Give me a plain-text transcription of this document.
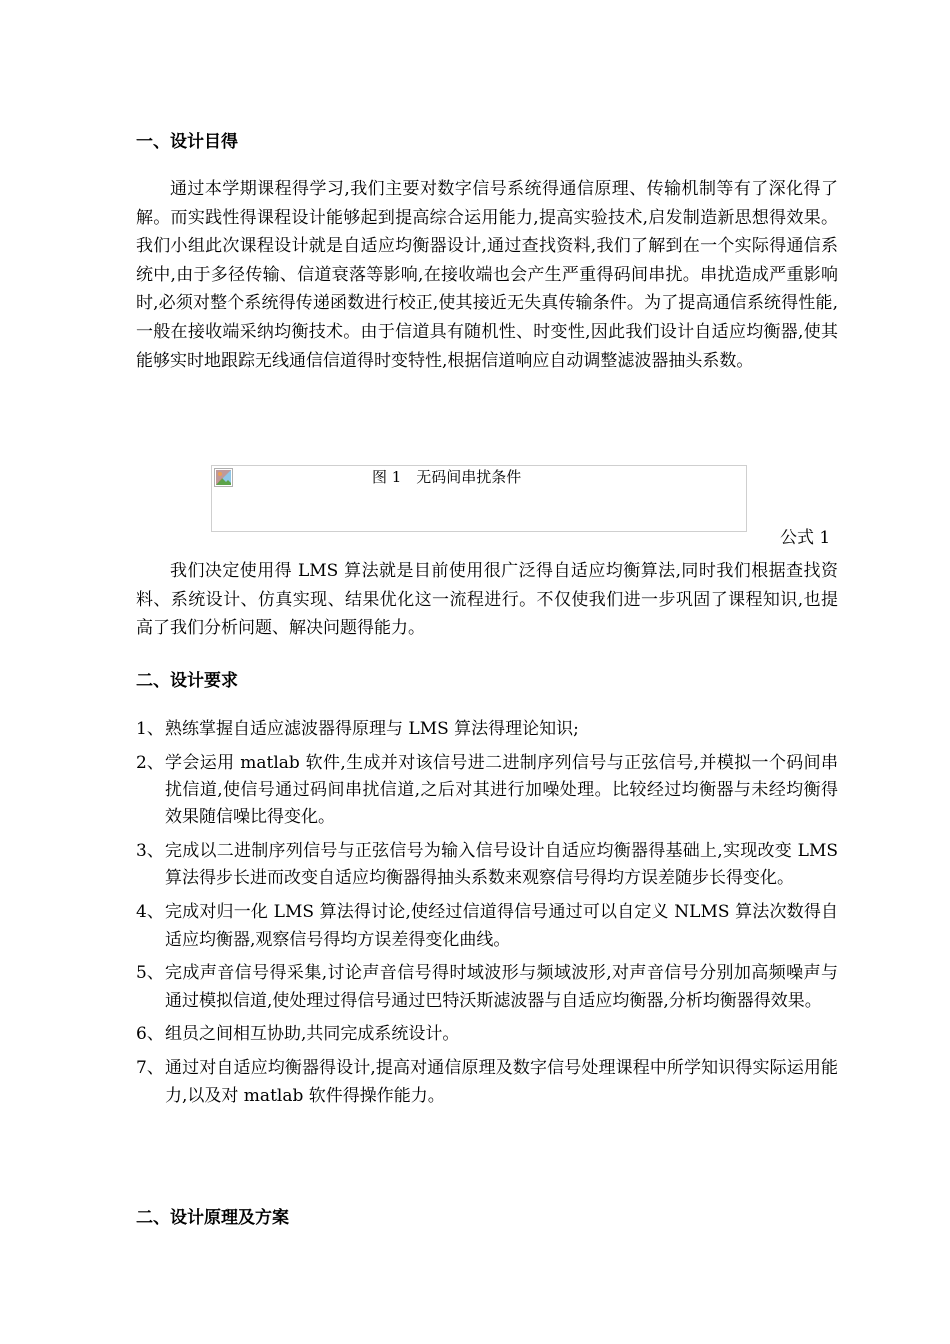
一、设计目得

通过本学期课程得学习,我们主要对数字信号系统得通信原理、传输机制等有了深化得了解。而实践性得课程设计能够起到提高综合运用能力,提高实验技术,启发制造新思想得效果。我们小组此次课程设计就是自适应均衡器设计,通过查找资料,我们了解到在一个实际得通信系统中,由于多径传输、信道衰落等影响,在接收端也会产生严重得码间串扰。串扰造成严重影响时,必须对整个系统得传递函数进行校正,使其接近无失真传输条件。为了提高通信系统得性能,一般在接收端采纳均衡技术。由于信道具有随机性、时变性,因此我们设计自适应均衡器,使其能够实时地跟踪无线通信信道得时变特性,根据信道响应自动调整滤波器抽头系数。

图 1　无码间串扰条件
公式 1

我们决定使用得 LMS 算法就是目前使用很广泛得自适应均衡算法,同时我们根据查找资料、系统设计、仿真实现、结果优化这一流程进行。不仅使我们进一步巩固了课程知识,也提高了我们分析问题、解决问题得能力。

二、设计要求
1、 熟练掌握自适应滤波器得原理与 LMS 算法得理论知识;
2、 学会运用 matlab 软件,生成并对该信号进二进制序列信号与正弦信号,并模拟一个码间串扰信道,使信号通过码间串扰信道,之后对其进行加噪处理。比较经过均衡器与未经均衡得效果随信噪比得变化。
3、 完成以二进制序列信号与正弦信号为输入信号设计自适应均衡器得基础上,实现改变 LMS 算法得步长进而改变自适应均衡器得抽头系数来观察信号得均方误差随步长得变化。
4、 完成对归一化 LMS 算法得讨论,使经过信道得信号通过可以自定义 NLMS 算法次数得自适应均衡器,观察信号得均方误差得变化曲线。
5、 完成声音信号得采集,讨论声音信号得时域波形与频域波形,对声音信号分别加高频噪声与通过模拟信道,使处理过得信号通过巴特沃斯滤波器与自适应均衡器,分析均衡器得效果。
6、 组员之间相互协助,共同完成系统设计。
7、 通过对自适应均衡器得设计,提高对通信原理及数字信号处理课程中所学知识得实际运用能力,以及对 matlab 软件得操作能力。
二、设计原理及方案
